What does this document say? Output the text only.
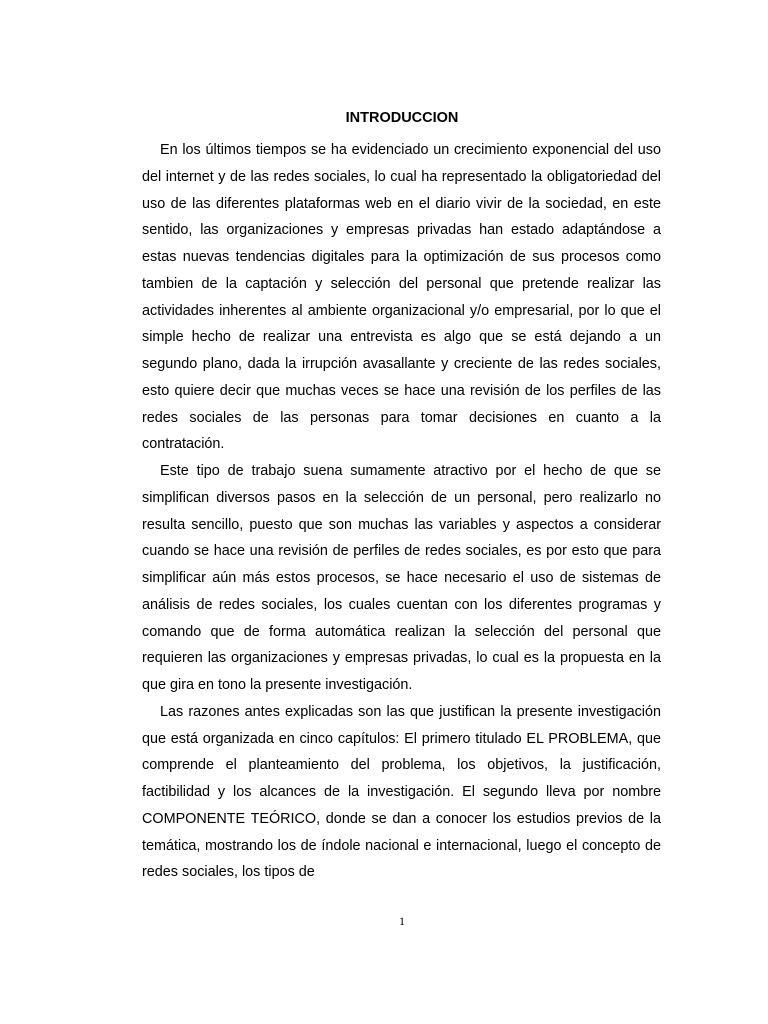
INTRODUCCION

En los últimos tiempos se ha evidenciado un crecimiento exponencial del uso del internet y de las redes sociales, lo cual ha representado la obligatoriedad del uso de las diferentes plataformas web en el diario vivir de la sociedad, en este sentido, las organizaciones y empresas privadas han estado adaptándose a estas nuevas tendencias digitales para la optimización de sus procesos como tambien de la captación y selección del personal que pretende realizar las actividades inherentes al ambiente organizacional y/o empresarial, por lo que el simple hecho de realizar una entrevista es algo que se está dejando a un segundo plano, dada la irrupción avasallante y creciente de las redes sociales, esto quiere decir que muchas veces se hace una revisión de los perfiles de las redes sociales de las personas para tomar decisiones en cuanto a la contratación.

Este tipo de trabajo suena sumamente atractivo por el hecho de que se simplifican diversos pasos en la selección de un personal, pero realizarlo no resulta sencillo, puesto que son muchas las variables y aspectos a considerar cuando se hace una revisión de perfiles de redes sociales, es por esto que para simplificar aún más estos procesos, se hace necesario el uso de sistemas de análisis de redes sociales, los cuales cuentan con los diferentes programas y comando que de forma automática realizan la selección del personal que requieren las organizaciones y empresas privadas, lo cual es la propuesta en la que gira en tono la presente investigación.

Las razones antes explicadas son las que justifican la presente investigación que está organizada en cinco capítulos: El primero titulado EL PROBLEMA, que comprende el planteamiento del problema, los objetivos, la justificación, factibilidad y los alcances de la investigación. El segundo lleva por nombre COMPONENTE TEÓRICO, donde se dan a conocer los estudios previos de la temática, mostrando los de índole nacional e internacional, luego el concepto de redes sociales, los tipos de

1
